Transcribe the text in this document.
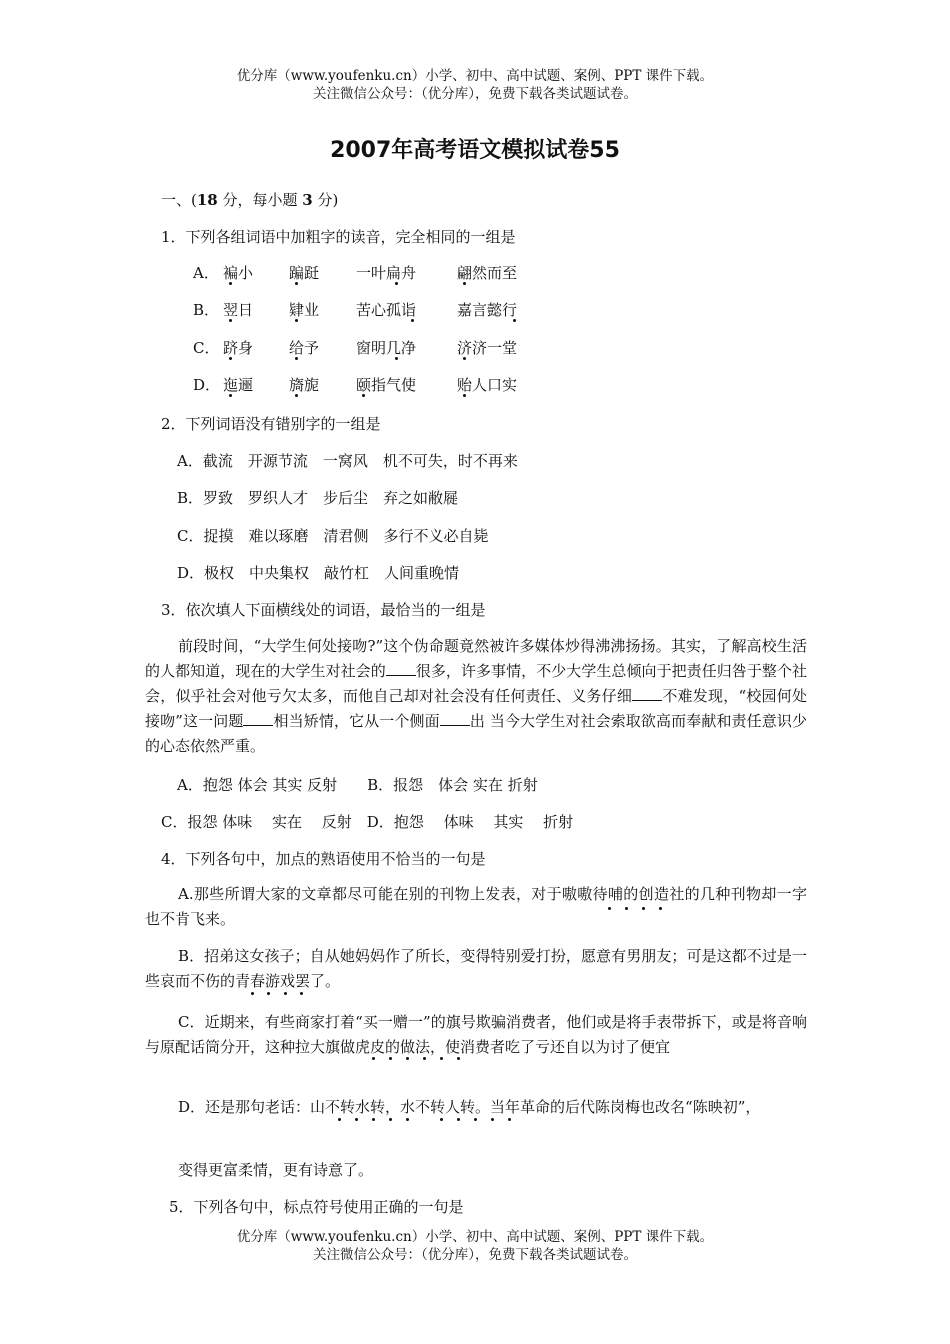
优分库（www.youfenku.cn）小学、初中、高中试题、案例、PPT 课件下载。
关注微信公众号：（优分库），免费下载各类试题试卷。
2007年高考语文模拟试卷55
一、(18 分，每小题 3 分)
1．下列各组词语中加粗字的读音，完全相同的一组是
A． 褊小 蹁跹 一叶扁舟	翩然而至
B． 翌日 肄业 苦心孤诣	嘉言懿行
C． 跻身 给予 窗明几净	济济一堂
D． 迤逦 旖旎 颐指气使	贻人口实
2．下列词语没有错别字的一组是
A．截流　开源节流　一窝风　机不可失，时不再来
B．罗致　罗织人才　步后尘　弃之如敝屣
C．捉摸　难以琢磨　清君侧　多行不义必自毙
D．极权　中央集权　敲竹杠　人间重晚情
3．依次填人下面横线处的词语，最恰当的一组是
前段时间，“大学生何处接吻?”这个伪命题竟然被许多媒体炒得沸沸扬扬。其实，了解高校生活的人都知道，现在的大学生对社会的 很多，许多事情，不少大学生总倾向于把责任归咎于整个社会，似乎社会对他亏欠太多，而他自己却对社会没有任何责任、义务仔细 不难发现，“校园何处接吻”这一问题 相当矫情，它从一个侧面 出 当今大学生对社会索取欲高而奉献和责任意识少的心态依然严重。
A．抱怨 体会 其实 反射　　B．报怨　体会 实在 折射
C．报怨 体味　 实在　 反射　D．抱怨　 体味　 其实　 折射
4．下列各句中，加点的熟语使用不恰当的一句是
A.那些所谓大家的文章都尽可能在别的刊物上发表，对于嗷嗷待哺的创造社的几种刊物却一字也不肯飞来。
B．招弟这女孩子；自从她妈妈作了所长，变得特别爱打扮，愿意有男朋友；可是这都不过是一些哀而不伤的青春游戏罢了。
C．近期来，有些商家打着“买一赠一”的旗号欺骗消费者，他们或是将手表带拆下，或是将音响与原配话筒分开，这种拉大旗做虎皮的做法，使消费者吃了亏还自以为讨了便宜
D．还是那句老话：山不转水转，水不转人转。当年革命的后代陈岗梅也改名“陈映初”，
变得更富柔情，更有诗意了。
5．下列各句中，标点符号使用正确的一句是
优分库（www.youfenku.cn）小学、初中、高中试题、案例、PPT 课件下载。
关注微信公众号：（优分库），免费下载各类试题试卷。
